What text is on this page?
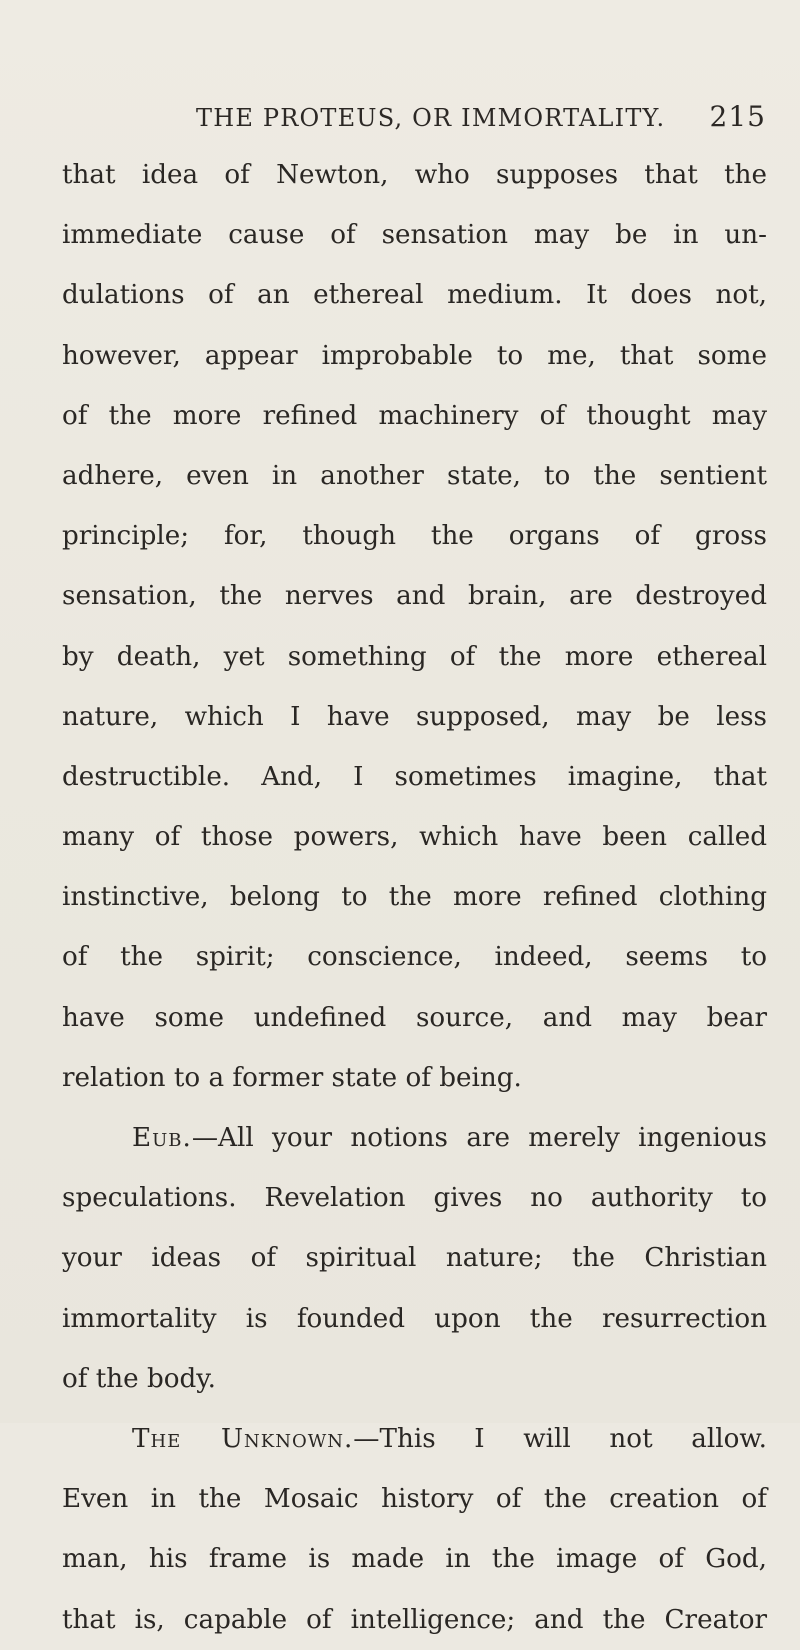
THE PROTEUS, OR IMMORTALITY. 215
that idea of Newton, who supposes that the
immediate cause of sensation may be in un-
dulations of an ethereal medium. It does not,
however, appear improbable to me, that some
of the more refined machinery of thought may
adhere, even in another state, to the sentient
principle; for, though the organs of gross
sensation, the nerves and brain, are destroyed
by death, yet something of the more ethereal
nature, which I have supposed, may be less
destructible. And, I sometimes imagine, that
many of those powers, which have been called
instinctive, belong to the more refined clothing
of the spirit; conscience, indeed, seems to
have some undefined source, and may bear
relation to a former state of being.
Eub.—All your notions are merely ingenious
speculations. Revelation gives no authority to
your ideas of spiritual nature; the Christian
immortality is founded upon the resurrection
of the body.
The Unknown.—This I will not allow.
Even in the Mosaic history of the creation of
man, his frame is made in the image of God,
that is, capable of intelligence; and the Creator
